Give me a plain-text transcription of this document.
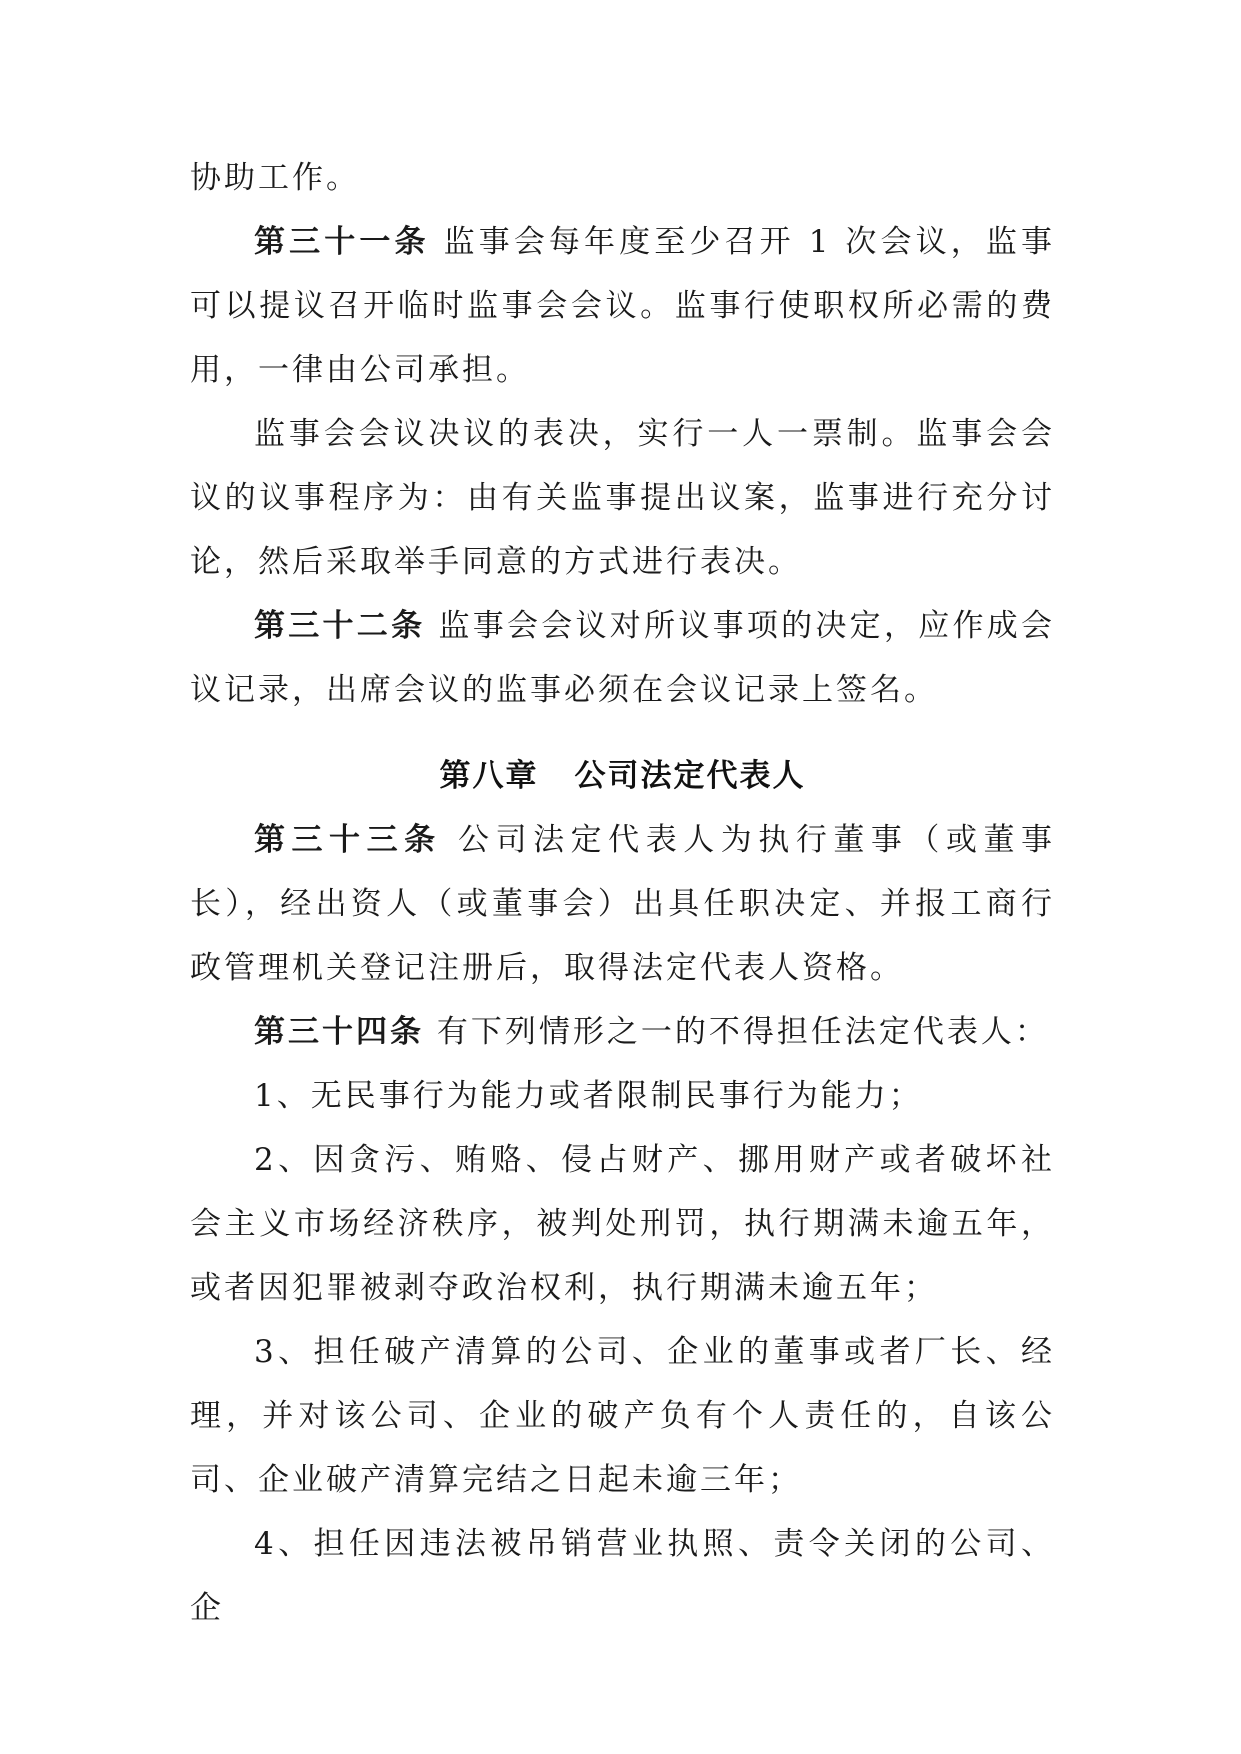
协助工作。

第三十一条 监事会每年度至少召开 1 次会议，监事可以提议召开临时监事会会议。监事行使职权所必需的费用，一律由公司承担。

监事会会议决议的表决，实行一人一票制。监事会会议的议事程序为：由有关监事提出议案，监事进行充分讨论，然后采取举手同意的方式进行表决。

第三十二条 监事会会议对所议事项的决定，应作成会议记录，出席会议的监事必须在会议记录上签名。

第八章 公司法定代表人

第三十三条 公司法定代表人为执行董事（或董事长），经出资人（或董事会）出具任职决定、并报工商行政管理机关登记注册后，取得法定代表人资格。

第三十四条 有下列情形之一的不得担任法定代表人：

1、无民事行为能力或者限制民事行为能力；

2、因贪污、贿赂、侵占财产、挪用财产或者破坏社会主义市场经济秩序，被判处刑罚，执行期满未逾五年，或者因犯罪被剥夺政治权利，执行期满未逾五年；

3、担任破产清算的公司、企业的董事或者厂长、经理，并对该公司、企业的破产负有个人责任的，自该公司、企业破产清算完结之日起未逾三年；

4、担任因违法被吊销营业执照、责令关闭的公司、企
